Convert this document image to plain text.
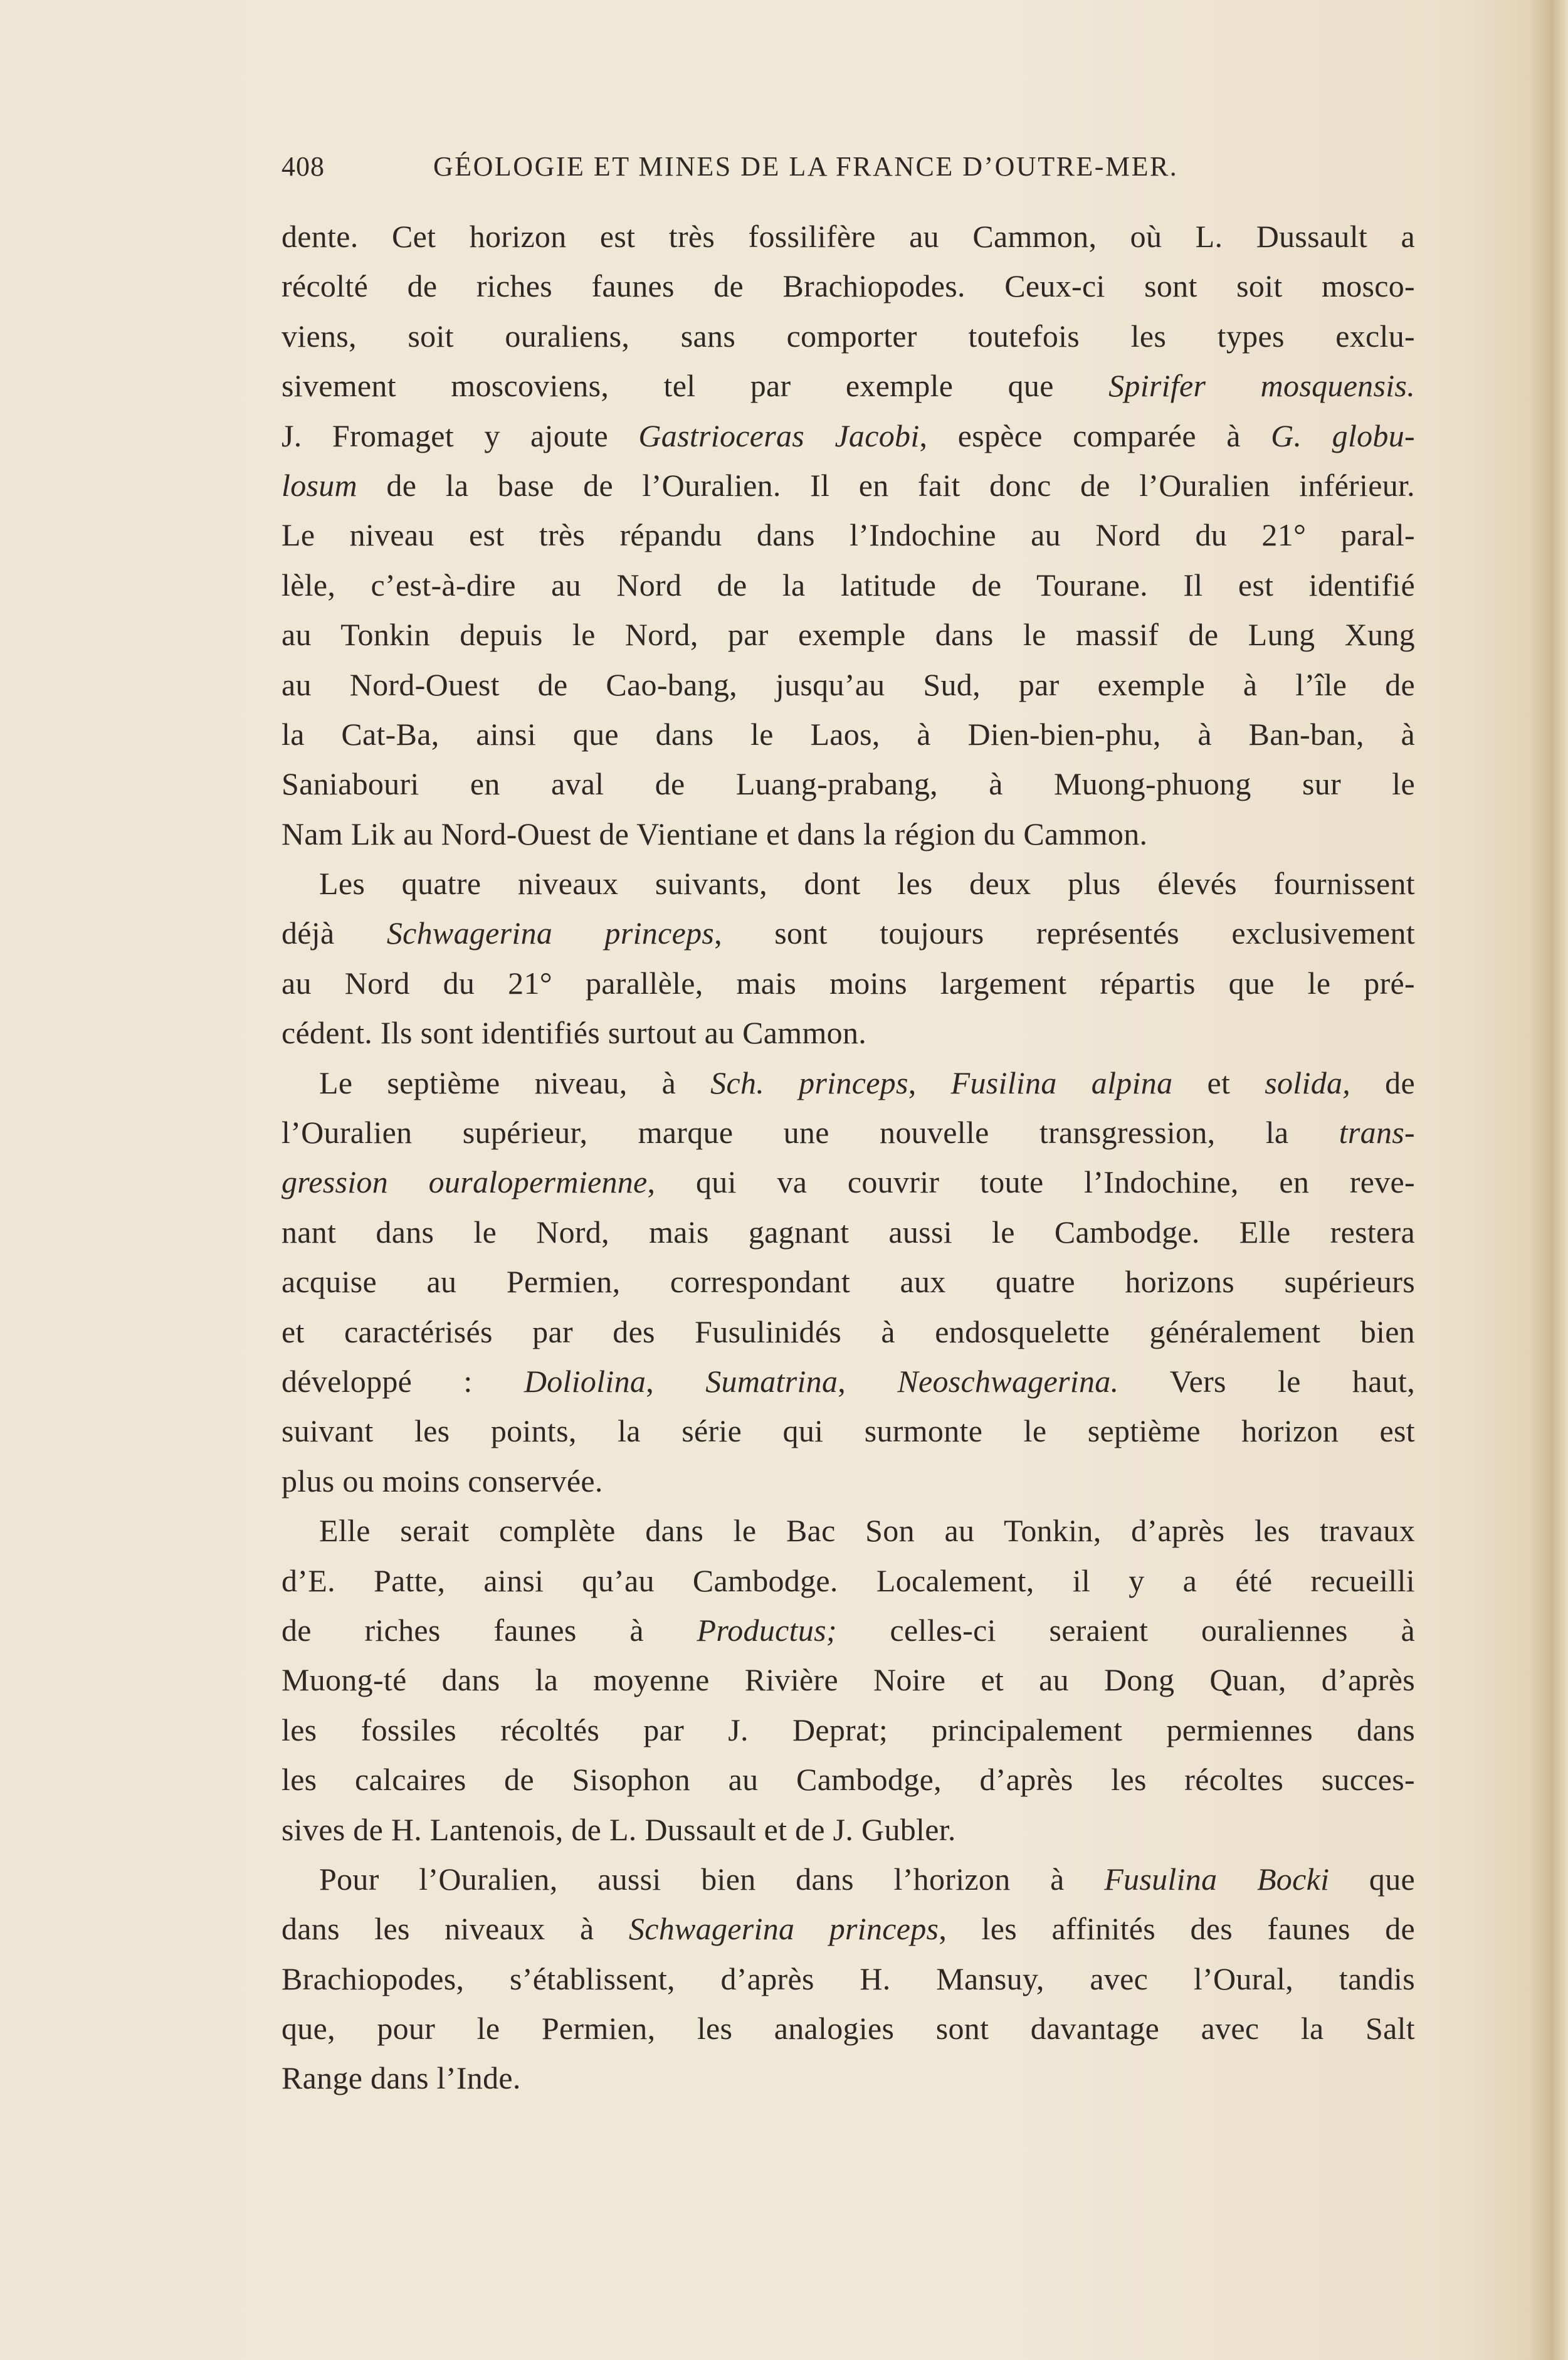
408	GÉOLOGIE ET MINES DE LA FRANCE D’OUTRE-MER.
dente. Cet horizon est très fossilifère au Cammon, où L. Dussault a
récolté de riches faunes de Brachiopodes. Ceux-ci sont soit mosco-
viens, soit ouraliens, sans comporter toutefois les types exclu-
sivement moscoviens, tel par exemple que Spirifer mosquensis.
J. Fromaget y ajoute Gastrioceras Jacobi, espèce comparée à G. globu-
losum de la base de l’Ouralien. Il en fait donc de l’Ouralien inférieur.
Le niveau est très répandu dans l’Indochine au Nord du 21° paral-
lèle, c’est-à-dire au Nord de la latitude de Tourane. Il est identifié
au Tonkin depuis le Nord, par exemple dans le massif de Lung Xung
au Nord-Ouest de Cao-bang, jusqu’au Sud, par exemple à l’île de
la Cat-Ba, ainsi que dans le Laos, à Dien-bien-phu, à Ban-ban, à
Saniabouri en aval de Luang-prabang, à Muong-phuong sur le
Nam Lik au Nord-Ouest de Vientiane et dans la région du Cammon.
Les quatre niveaux suivants, dont les deux plus élevés fournissent
déjà Schwagerina princeps, sont toujours représentés exclusivement
au Nord du 21° parallèle, mais moins largement répartis que le pré-
cédent. Ils sont identifiés surtout au Cammon.
Le septième niveau, à Sch. princeps, Fusilina alpina et solida, de
l’Ouralien supérieur, marque une nouvelle transgression, la trans-
gression ouralopermienne, qui va couvrir toute l’Indochine, en reve-
nant dans le Nord, mais gagnant aussi le Cambodge. Elle restera
acquise au Permien, correspondant aux quatre horizons supérieurs
et caractérisés par des Fusulinidés à endosquelette généralement bien
développé : Doliolina, Sumatrina, Neoschwagerina. Vers le haut,
suivant les points, la série qui surmonte le septième horizon est
plus ou moins conservée.
Elle serait complète dans le Bac Son au Tonkin, d’après les travaux
d’E. Patte, ainsi qu’au Cambodge. Localement, il y a été recueilli
de riches faunes à Productus; celles-ci seraient ouraliennes à
Muong-té dans la moyenne Rivière Noire et au Dong Quan, d’après
les fossiles récoltés par J. Deprat; principalement permiennes dans
les calcaires de Sisophon au Cambodge, d’après les récoltes succes-
sives de H. Lantenois, de L. Dussault et de J. Gubler.
Pour l’Ouralien, aussi bien dans l’horizon à Fusulina Bocki que
dans les niveaux à Schwagerina princeps, les affinités des faunes de
Brachiopodes, s’établissent, d’après H. Mansuy, avec l’Oural, tandis
que, pour le Permien, les analogies sont davantage avec la Salt
Range dans l’Inde.
